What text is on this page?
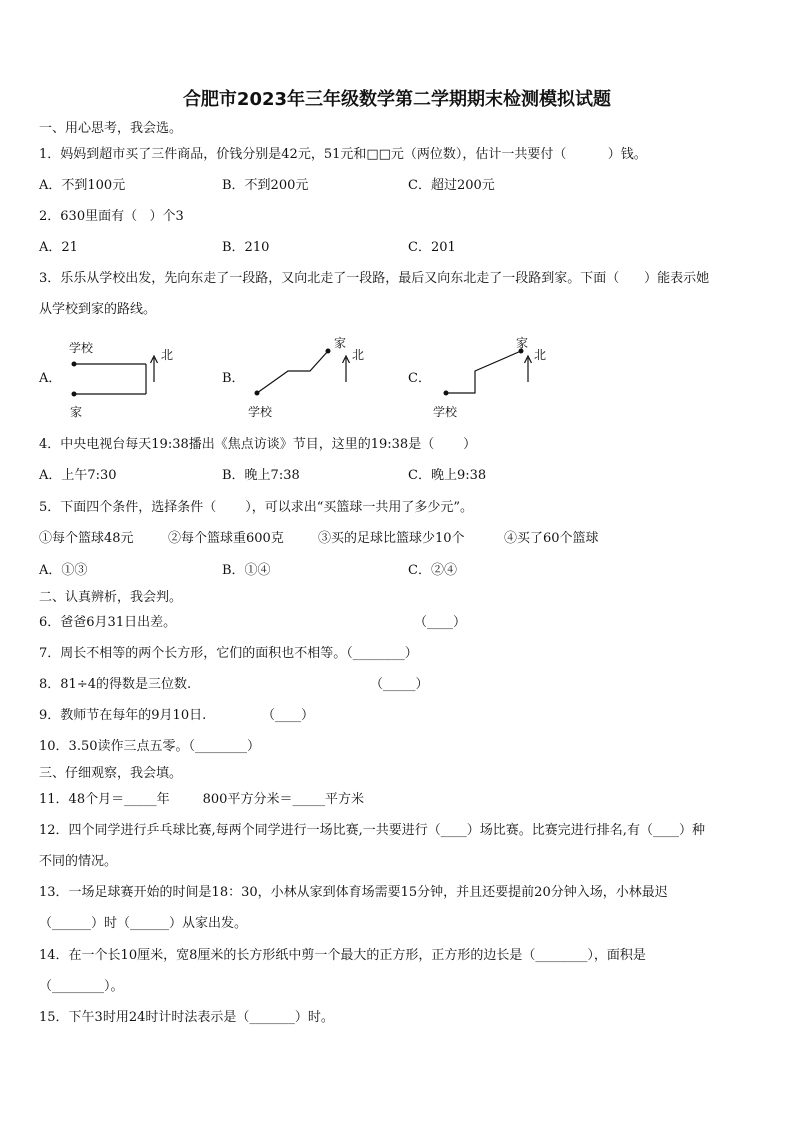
合肥市2023年三年级数学第二学期期末检测模拟试题
一、用心思考，我会选。
1．妈妈到超市买了三件商品，价钱分别是42元，51元和□□元（两位数），估计一共要付（          ）钱。
A．不到100元	B．不到200元	C．超过200元
2．630里面有（   ）个3
A．21	B．210	C．201
3．乐乐从学校出发，先向东走了一段路，又向北走了一段路，最后又向东北走了一段路到家。下面（      ）能表示她
从学校到家的路线。
A．
学校
家
北
B．
学校
家
北
C．
学校
家
北
4．中央电视台每天19:38播出《焦点访谈》节目，这里的19:38是（       ）
A．上午7:30	B．晚上7:38	C．晚上9:38
5．下面四个条件，选择条件（       ），可以求出“买篮球一共用了多少元”。
①每个篮球48元	②每个篮球重600克	③买的足球比篮球少10个	④买了60个篮球
A．①③	B．①④	C．②④
二、认真辨析，我会判。
6．爸爸6月31日出差。	（____）
7．周长不相等的两个长方形，它们的面积也不相等。（________）
8．81÷4的得数是三位数.	（_____）
9．教师节在每年的9月10日.	（____）
10．3.50读作三点五零。（________）
三、仔细观察，我会填。
11．48个月＝_____年        800平方分米＝_____平方米
12．四个同学进行乒乓球比赛,每两个同学进行一场比赛,一共要进行（____）场比赛。比赛完进行排名,有（____）种
不同的情况。
13．一场足球赛开始的时间是18：30，小林从家到体育场需要15分钟，并且还要提前20分钟入场，小林最迟
（______）时（______）从家出发。
14．在一个长10厘米，宽8厘米的长方形纸中剪一个最大的正方形，正方形的边长是（________），面积是
（________）。
15．下午3时用24时计时法表示是（_______）时。
